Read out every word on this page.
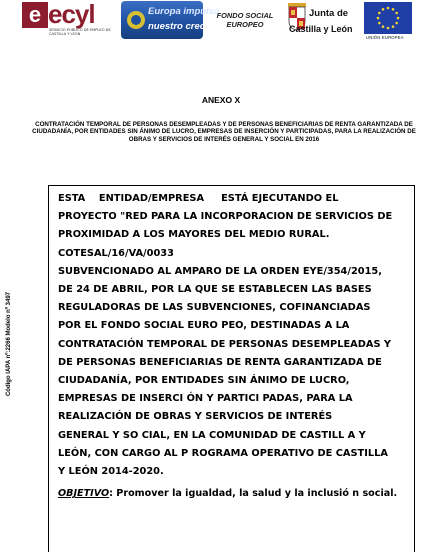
e ecyl
SERVICIO PÚBLICO DE EMPLEO DE CASTILLA Y LEÓN
Europa impulsa
nuestro crecimiento
FONDO SOCIAL
EUROPEO
Junta de
Castilla y León
UNIÓN EUROPEA
Código IAPA nº:2266 Modelo nº 3497
ANEXO X
CONTRATACIÓN TEMPORAL DE PERSONAS DESEMPLEADAS Y DE PERSONAS BENEFICIARIAS DE RENTA GARANTIZADA DE CIUDADANÍA, POR ENTIDADES SIN ÁNIMO DE LUCRO, EMPRESAS DE INSERCIÓN Y PARTICIPADAS, PARA LA REALIZACIÓN DE OBRAS Y SERVICIOS DE INTERÉS GENERAL Y SOCIAL EN 2016
ESTA    ENTIDAD/EMPRESA     ESTÁ EJECUTANDO EL
PROYECTO "RED PARA LA INCORPORACION DE SERVICIOS DE
PROXIMIDAD A LOS MAYORES DEL MEDIO RURAL. COTESAL/16/VA/0033
SUBVENCIONADO AL AMPARO DE LA ORDEN EYE/354/2015,
DE 24 DE ABRIL, POR LA QUE SE ESTABLECEN LAS BASES
REGULADORAS DE LAS SUBVENCIONES, COFINANCIADAS
POR EL FONDO SOCIAL EURO PEO, DESTINADAS A LA
CONTRATACIÓN TEMPORAL DE PERSONAS DESEMPLEADAS Y
DE PERSONAS BENEFICIARIAS DE RENTA GARANTIZADA DE
CIUDADANÍA, POR ENTIDADES SIN ÁNIMO DE LUCRO,
EMPRESAS DE INSERCI ÓN Y PARTICI PADAS, PARA LA
REALIZACIÓN DE OBRAS Y SERVICIOS DE INTERÉS
GENERAL Y SO CIAL, EN LA COMUNIDAD DE CASTILL A Y
LEÓN, CON CARGO AL P ROGRAMA OPERATIVO DE CASTILLA
Y LEÓN 2014-2020.
OBJETIVO: Promover la igualdad, la salud y la inclusió n social.
